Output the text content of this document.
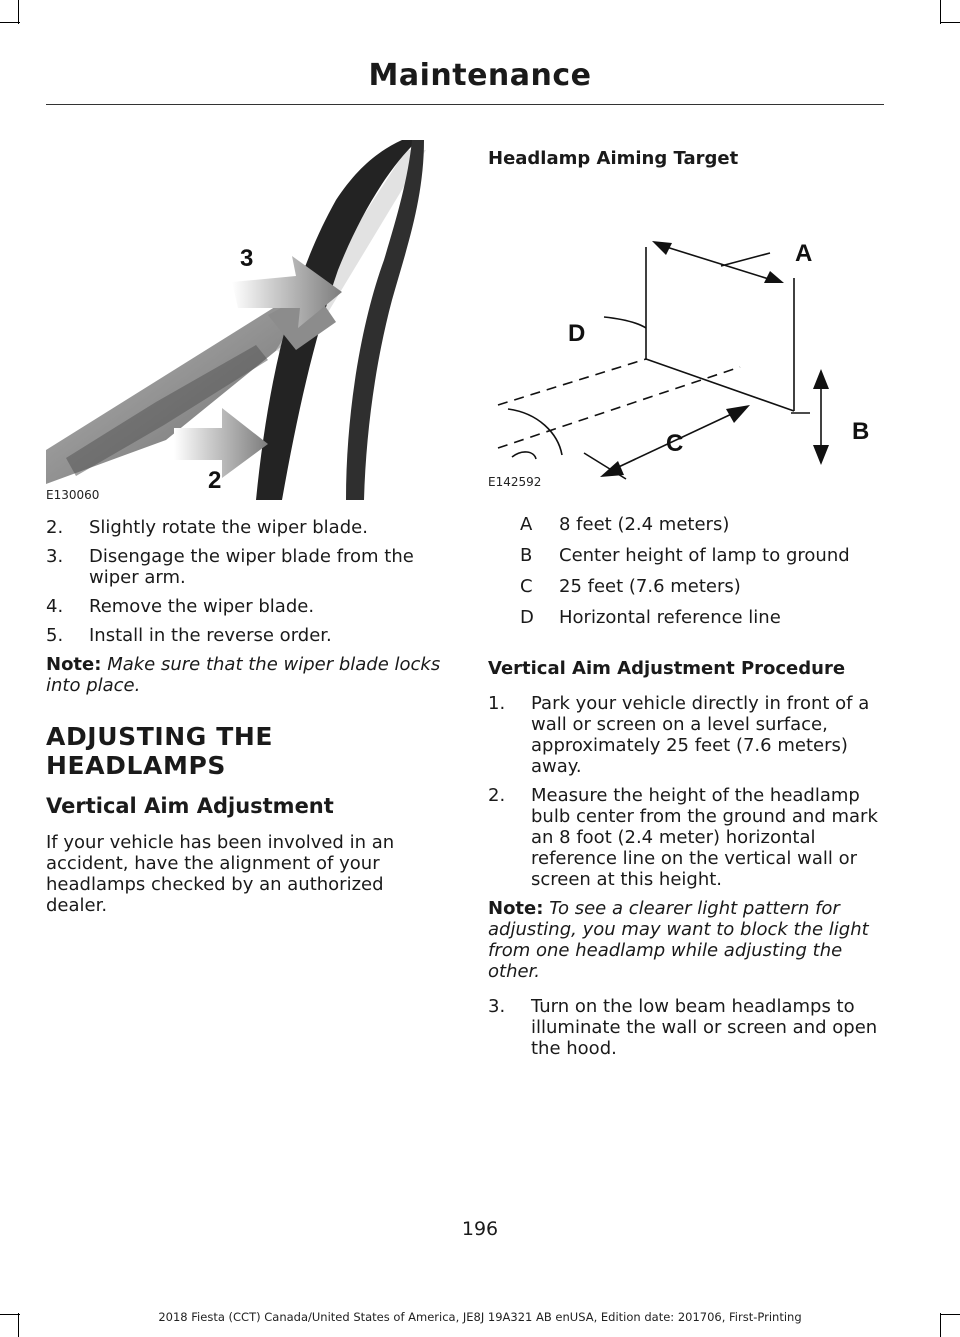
Maintenance
3
2
E130060
2. Slightly rotate the wiper blade.
3. Disengage the wiper blade from the wiper arm.
4. Remove the wiper blade.
5. Install in the reverse order.

Note: Make sure that the wiper blade locks into place.

ADJUSTING THE HEADLAMPS
Vertical Aim Adjustment

If your vehicle has been involved in an accident, have the alignment of your headlamps checked by an authorized dealer.

Headlamp Aiming Target
A
B
C
D
E142592
A	8 feet (2.4 meters)
B	Center height of lamp to ground
C	25 feet (7.6 meters)
D	Horizontal reference line
Vertical Aim Adjustment Procedure
1. Park your vehicle directly in front of a wall or screen on a level surface, approximately 25 feet (7.6 meters) away.
2. Measure the height of the headlamp bulb center from the ground and mark an 8 foot (2.4 meter) horizontal reference line on the vertical wall or screen at this height.

Note: To see a clearer light pattern for adjusting, you may want to block the light from one headlamp while adjusting the other.

3. Turn on the low beam headlamps to illuminate the wall or screen and open the hood.
196
2018 Fiesta (CCT) Canada/United States of America, JE8J 19A321 AB enUSA, Edition date: 201706, First-Printing
